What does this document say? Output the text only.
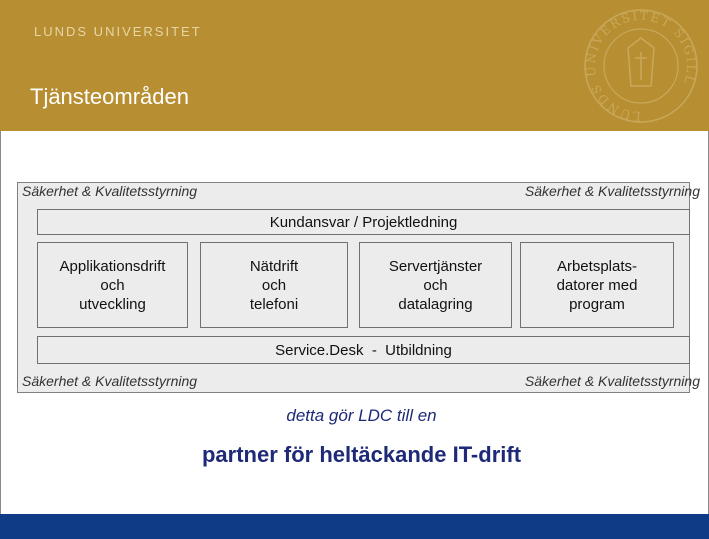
LUNDS UNIVERSITET
Tjänsteområden
LUNDS UNIVERSITET SIGILL
Säkerhet & Kvalitetsstyrning	Säkerhet & Kvalitetsstyrning
Säkerhet & Kvalitetsstyrning	Säkerhet & Kvalitetsstyrning
Kundansvar / Projektledning
Applikationsdrift
och
utveckling
Nätdrift
och
telefoni
Servertjänster
och
datalagring
Arbetsplats-
datorer med
program
Service.Desk  -  Utbildning
detta gör LDC till en
partner för heltäckande IT-drift
